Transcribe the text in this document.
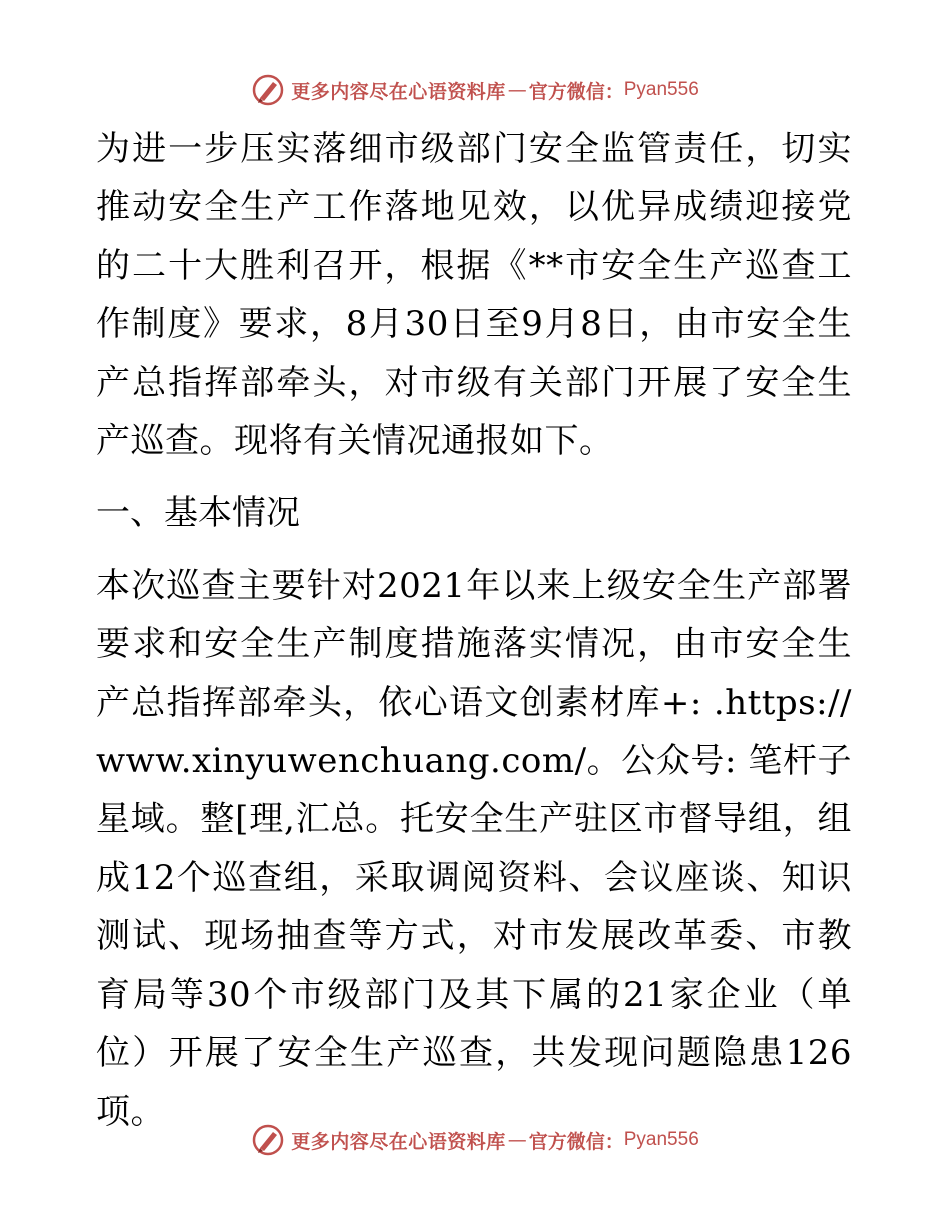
更多内容尽在心语资料库 — 官方微信： Pyan556

为进一步压实落细市级部门安全监管责任，切实推动安全生产工作落地见效，以优异成绩迎接党的二十大胜利召开，根据《**市安全生产巡查工作制度》要求，8月30日至9月8日，由市安全生产总指挥部牵头，对市级有关部门开展了安全生产巡查。现将有关情况通报如下。

一、基本情况

本次巡查主要针对2021年以来上级安全生产部署要求和安全生产制度措施落实情况，由市安全生产总指挥部牵头，依心语文创素材库+: .https://www.xinyuwenchuang.com/。公众号: 笔杆子星域。整[理,汇总。托安全生产驻区市督导组，组成12个巡查组，采取调阅资料、会议座谈、知识测试、现场抽查等方式，对市发展改革委、市教育局等30个市级部门及其下属的21家企业（单位）开展了安全生产巡查，共发现问题隐患126项。

更多内容尽在心语资料库 — 官方微信： Pyan556
